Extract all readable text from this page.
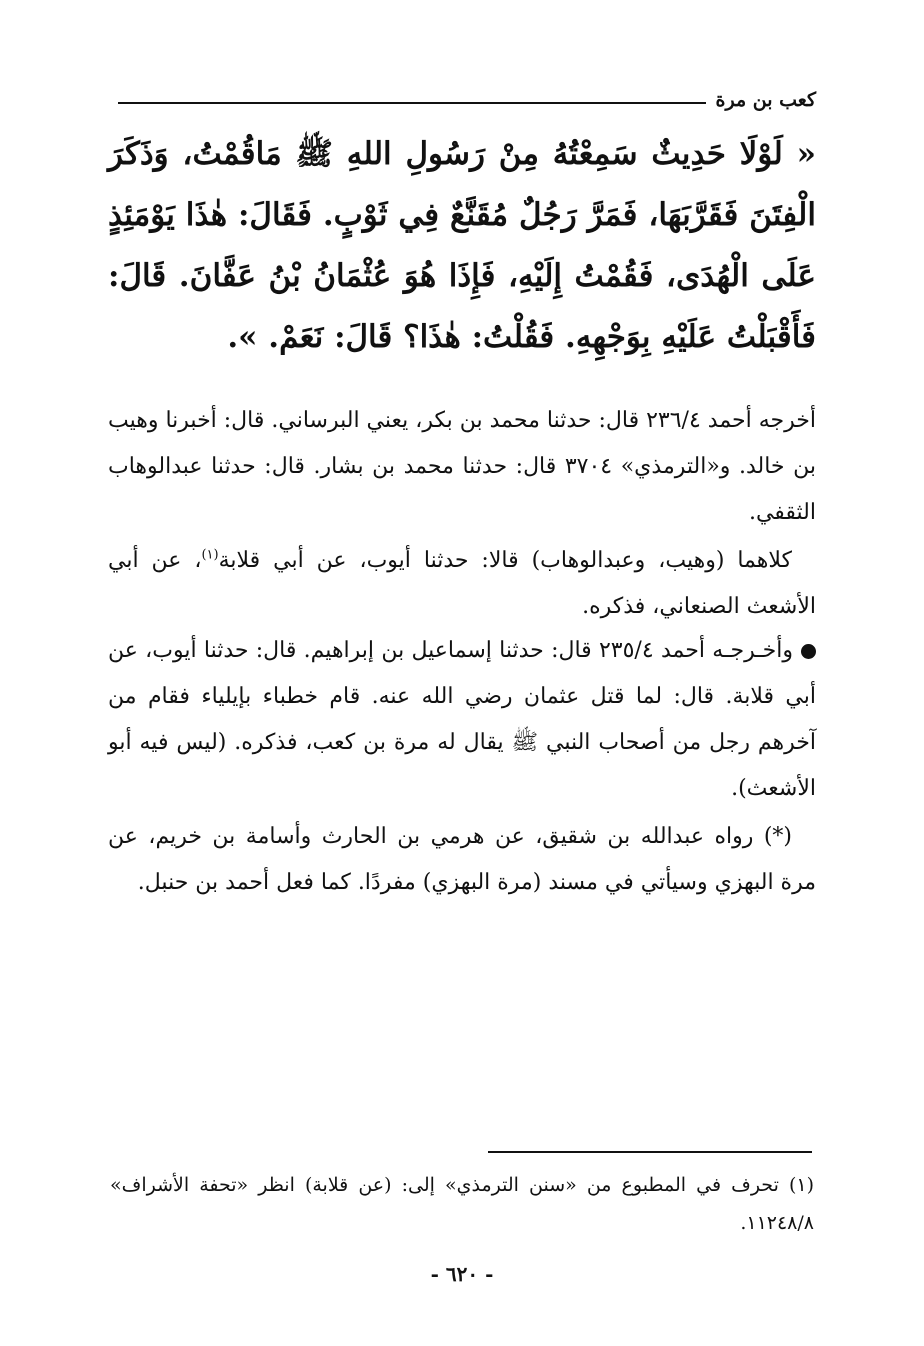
كعب بن مرة
« لَوْلَا حَدِيثٌ سَمِعْتُهُ مِنْ رَسُولِ اللهِ ﷺ مَاقُمْتُ، وَذَكَرَ الْفِتَنَ فَقَرَّبَهَا، فَمَرَّ رَجُلٌ مُقَنَّعٌ فِي ثَوْبٍ. فَقَالَ: هٰذَا يَوْمَئِذٍ عَلَى الْهُدَى، فَقُمْتُ إِلَيْهِ، فَإِذَا هُوَ عُثْمَانُ بْنُ عَفَّانَ. قَالَ: فَأَقْبَلْتُ عَلَيْهِ بِوَجْهِهِ. فَقُلْتُ: هٰذَا؟ قَالَ: نَعَمْ. ».
أخرجه أحمد ٢٣٦/٤ قال: حدثنا محمد بن بكر، يعني البرساني. قال: أخبرنا وهيب بن خالد. و«الترمذي» ٣٧٠٤ قال: حدثنا محمد بن بشار. قال: حدثنا عبدالوهاب الثقفي.
كلاهما (وهيب، وعبدالوهاب) قالا: حدثنا أيوب، عن أبي قلابة$^{(١)}$، عن أبي الأشعث الصنعاني، فذكره.
وأخـرجـه أحمد ٢٣٥/٤ قال: حدثنا إسماعيل بن إبراهيم. قال: حدثنا أيوب، عن أبي قلابة. قال: لما قتل عثمان رضي الله عنه. قام خطباء بإيلياء فقام من آخرهم رجل من أصحاب النبي ﷺ يقال له مرة بن كعب، فذكره. (ليس فيه أبو الأشعث).
(*) رواه عبدالله بن شقيق، عن هرمي بن الحارث وأسامة بن خريم، عن مرة البهزي وسيأتي في مسند (مرة البهزي) مفردًا. كما فعل أحمد بن حنبل.
(١) تحرف في المطبوع من «سنن الترمذي» إلى: (عن قلابة) انظر «تحفة الأشراف» ١١٢٤٨/٨.
- ٦٢٠ -
